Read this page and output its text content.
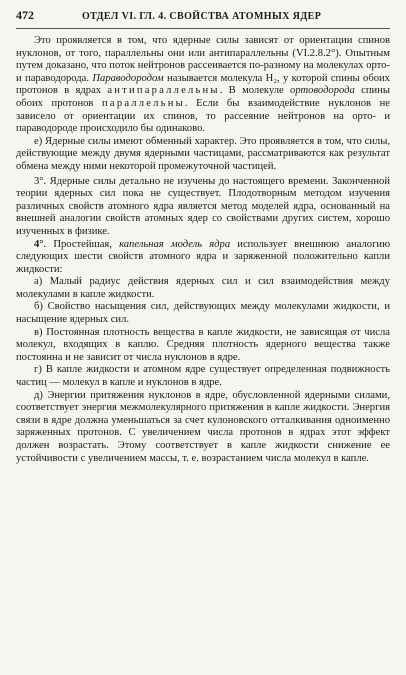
472	ОТДЕЛ VI. ГЛ. 4. СВОЙСТВА АТОМНЫХ ЯДЕР

Это проявляется в том, что ядерные силы зависят от ориентации спинов нуклонов, от того, параллельны они или антипараллельны (VI.2.8.2°). Опытным путем доказано, что поток нейтронов рассеивается по-разному на молекулах орто- и параводорода. Параводородом называется молекула H₂, у которой спины обоих протонов в ядрах антипараллельны. В молекуле ортоводорода спины обоих протонов параллельны. Если бы взаимодействие нуклонов не зависело от ориентации их спинов, то рассеяние нейтронов на орто- и параводороде происходило бы одинаково.

е) Ядерные силы имеют обменный характер. Это проявляется в том, что силы, действующие между двумя ядерными частицами, рассматриваются как результат обмена между ними некоторой промежуточной частицей.

3°. Ядерные силы детально не изучены до настоящего времени. Законченной теории ядерных сил пока не существует. Плодотворным методом изучения различных свойств атомного ядра является метод моделей ядра, основанный на внешней аналогии свойств атомных ядер со свойствами других систем, хорошо изученных в физике.

4°. Простейшая, капельная модель ядра использует внешнюю аналогию следующих шести свойств атомного ядра и заряженной положительно капли жидкости:

а) Малый радиус действия ядерных сил и сил взаимодействия между молекулами в капле жидкости.

б) Свойство насыщения сил, действующих между молекулами жидкости, и насыщение ядерных сил.

в) Постоянная плотность вещества в капле жидкости, не зависящая от числа молекул, входящих в каплю. Средняя плотность ядерного вещества также постоянна и не зависит от числа нуклонов в ядре.

г) В капле жидкости и атомном ядре существует определенная подвижность частиц — молекул в капле и нуклонов в ядре.

д) Энергии притяжения нуклонов в ядре, обусловленной ядерными силами, соответствует энергия межмолекулярного притяжения в капле жидкости. Энергия связи в ядре должна уменьшаться за счет кулоновского отталкивания одноименно заряженных протонов. С увеличением числа протонов в ядрах этот эффект должен возрастать. Этому соответствует в капле жидкости снижение ее устойчивости с увеличением массы, т. е. возрастанием числа молекул в капле.
